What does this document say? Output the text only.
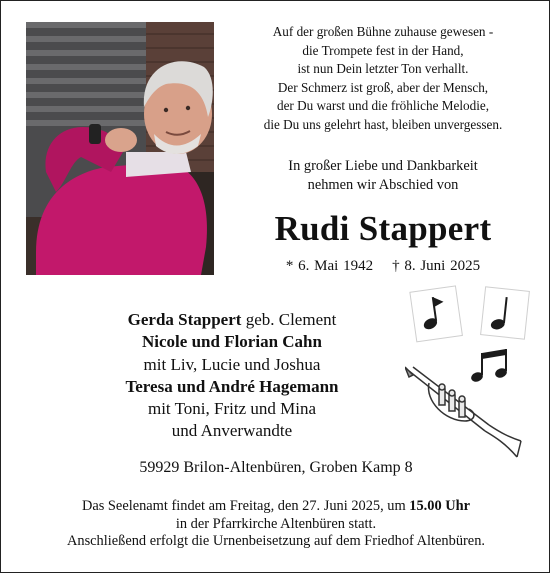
Auf der großen Bühne zuhause gewesen -
die Trompete fest in der Hand,
ist nun Dein letzter Ton verhallt.
Der Schmerz ist groß, aber der Mensch,
der Du warst und die fröhliche Melodie,
die Du uns gelehrt hast, bleiben unvergessen.
In großer Liebe und Dankbarkeit
nehmen wir Abschied von
Rudi Stappert
* 6. Mai 1942 † 8. Juni 2025
Gerda Stappert geb. Clement
Nicole und Florian Cahn
mit Liv, Lucie und Joshua
Teresa und André Hagemann
mit Toni, Fritz und Mina
und Anverwandte
59929 Brilon-Altenbüren, Groben Kamp 8
Das Seelenamt findet am Freitag, den 27. Juni 2025, um 15.00 Uhr
in der Pfarrkirche Altenbüren statt.
Anschließend erfolgt die Urnenbeisetzung auf dem Friedhof Altenbüren.
